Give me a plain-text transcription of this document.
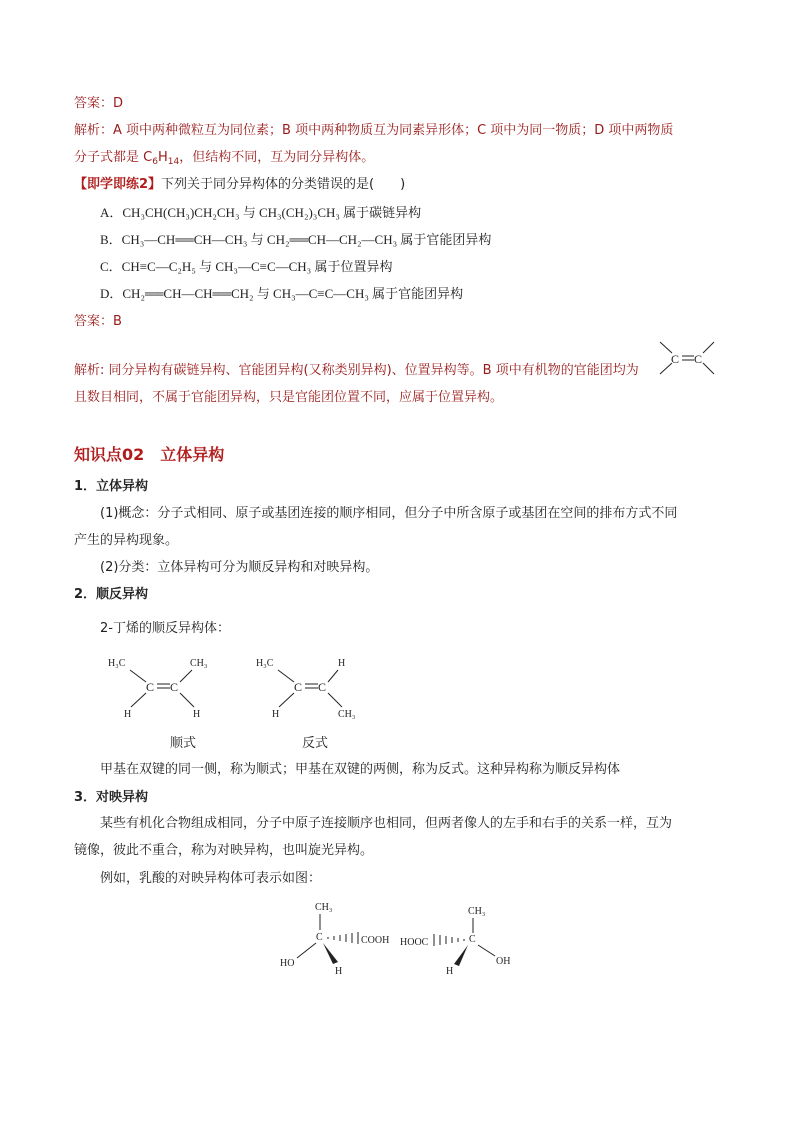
答案：D
解析：A 项中两种微粒互为同位素；B 项中两种物质互为同素异形体；C 项中为同一物质；D 项中两物质
分子式都是 $C_6H_{14}$，但结构不同，互为同分异构体。
【即学即练2】下列关于同分异构体的分类错误的是(　　)
A．CH₃CH(CH₃)CH₂CH₃ 与 CH₃(CH₂)₃CH₃ 属于碳链异构
B．CH₃—CH══CH—CH₃ 与 CH₂══CH—CH₂—CH₃ 属于官能团异构
C．CH≡C—C₂H₅ 与 CH₃—C≡C—CH₃ 属于位置异构
D．CH₂══CH—CH══CH₂ 与 CH₃—C≡C—CH₃ 属于官能团异构
答案：B
解析: 同分异构有碳链异构、官能团异构(又称类别异构)、位置异构等。B 项中有机物的官能团均为
且数目相同，不属于官能团异构，只是官能团位置不同，应属于位置异构。
C C
知识点02　立体异构
1．立体异构
(1)概念：分子式相同、原子或基团连接的顺序相同，但分子中所含原子或基团在空间的排布方式不同
产生的异构现象。
(2)分类：立体异构可分为顺反异构和对映异构。
2．顺反异构
2-丁烯的顺反异构体：
H₃C	CH₃
C C
H	H
H₃C	H
C C
H	CH₃
顺式	反式
甲基在双键的同一侧，称为顺式；甲基在双键的两侧，称为反式。这种异构称为顺反异构体
3．对映异构
某些有机化合物组成相同，分子中原子连接顺序也相同，但两者像人的左手和右手的关系一样，互为
镜像，彼此不重合，称为对映异构，也叫旋光异构。
例如，乳酸的对映异构体可表示如图：
CH₃
C	COOH
HO
H
CH₃
C
HOOC
H
OH
